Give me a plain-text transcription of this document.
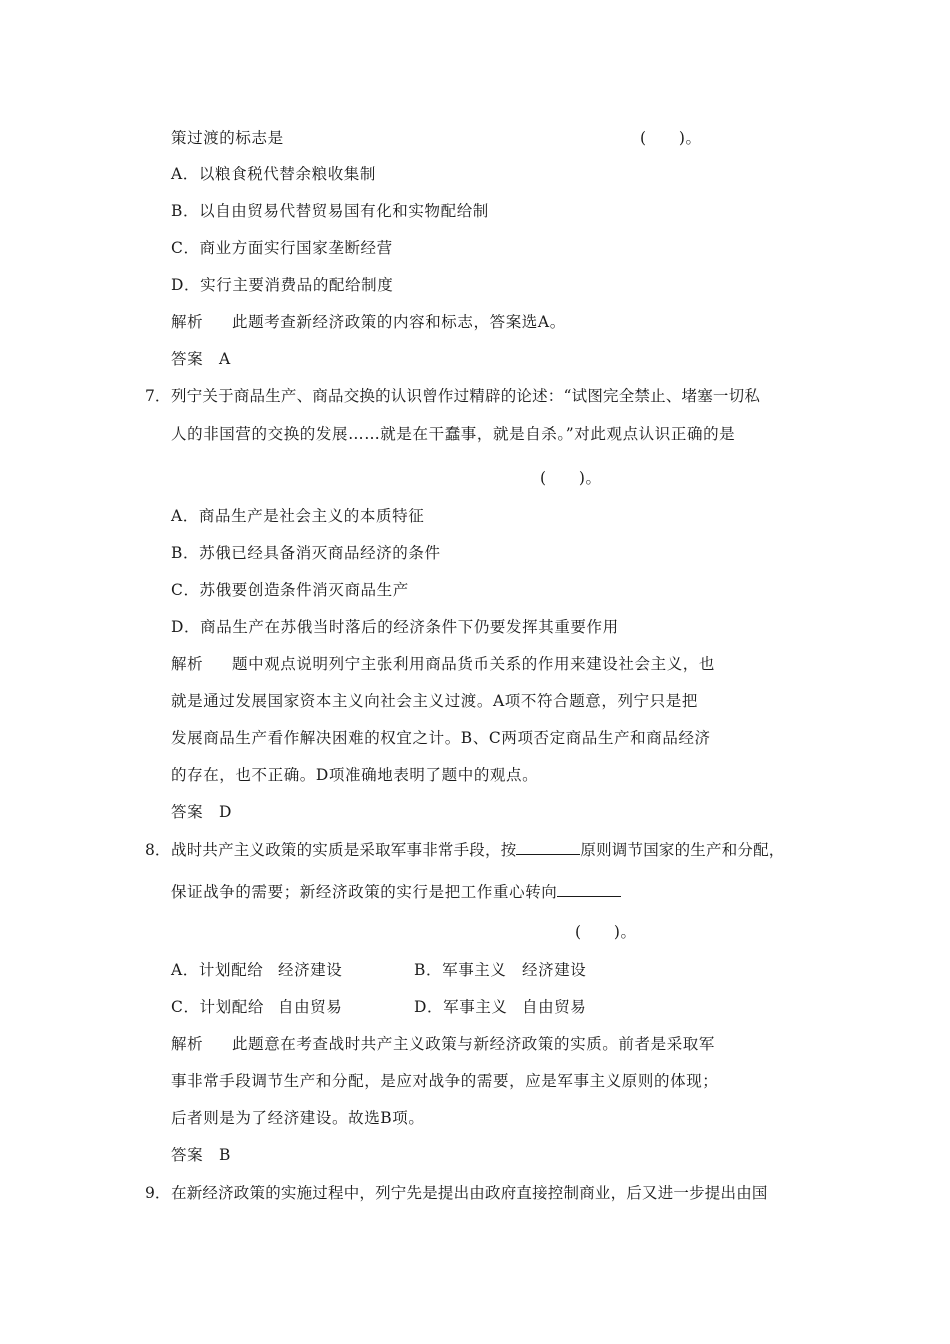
策过渡的标志是	(　　)。
A．以粮食税代替余粮收集制
B．以自由贸易代替贸易国有化和实物配给制
C．商业方面实行国家垄断经营
D．实行主要消费品的配给制度
解析 此题考查新经济政策的内容和标志，答案选A。
答案 A
7． 列宁关于商品生产、商品交换的认识曾作过精辟的论述：“试图完全禁止、堵塞一切私
人的非国营的交换的发展……就是在干蠢事，就是自杀。”对此观点认识正确的是
(　　)。
A．商品生产是社会主义的本质特征
B．苏俄已经具备消灭商品经济的条件
C．苏俄要创造条件消灭商品生产
D．商品生产在苏俄当时落后的经济条件下仍要发挥其重要作用
解析 题中观点说明列宁主张利用商品货币关系的作用来建设社会主义，也
就是通过发展国家资本主义向社会主义过渡。A项不符合题意，列宁只是把
发展商品生产看作解决困难的权宜之计。B、C两项否定商品生产和商品经济
的存在，也不正确。D项准确地表明了题中的观点。
答案 D
8． 战时共产主义政策的实质是采取军事非常手段，按	原则调节国家的生产和分配，
保证战争的需要；新经济政策的实行是把工作重心转向
(　　)。
A．计划配给 经济建设	B．军事主义 经济建设
C．计划配给 自由贸易	D．军事主义 自由贸易
解析 此题意在考查战时共产主义政策与新经济政策的实质。前者是采取军
事非常手段调节生产和分配，是应对战争的需要，应是军事主义原则的体现；
后者则是为了经济建设。故选B项。
答案 B
9． 在新经济政策的实施过程中，列宁先是提出由政府直接控制商业，后又进一步提出由国
